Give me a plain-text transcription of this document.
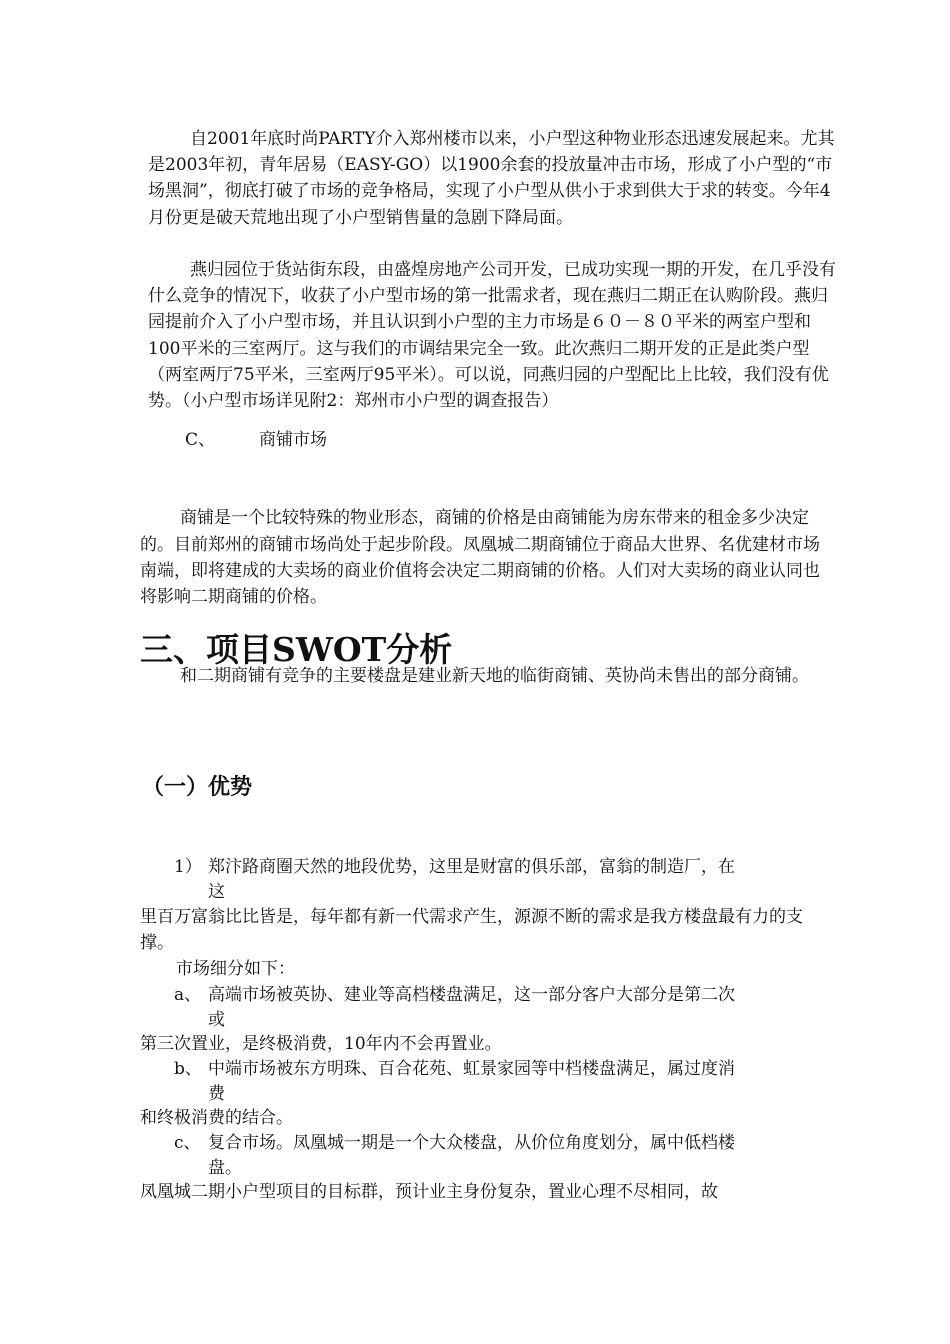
自2001年底时尚PARTY介入郑州楼市以来，小户型这种物业形态迅速发展起来。尤其是2003年初，青年居易（EASY-GO）以1900余套的投放量冲击市场，形成了小户型的“市场黑洞”，彻底打破了市场的竞争格局，实现了小户型从供小于求到供大于求的转变。今年4月份更是破天荒地出现了小户型销售量的急剧下降局面。
燕归园位于货站街东段，由盛煌房地产公司开发，已成功实现一期的开发，在几乎没有什么竞争的情况下，收获了小户型市场的第一批需求者，现在燕归二期正在认购阶段。燕归园提前介入了小户型市场，并且认识到小户型的主力市场是６０－８０平米的两室户型和100平米的三室两厅。这与我们的市调结果完全一致。此次燕归二期开发的正是此类户型（两室两厅75平米，三室两厅95平米）。可以说，同燕归园的户型配比上比较，我们没有优势。（小户型市场详见附2：郑州市小户型的调查报告）
C、	商铺市场

商铺是一个比较特殊的物业形态，商铺的价格是由商铺能为房东带来的租金多少决定的。目前郑州的商铺市场尚处于起步阶段。凤凰城二期商铺位于商品大世界、名优建材市场南端，即将建成的大卖场的商业价值将会决定二期商铺的价格。人们对大卖场的商业认同也将影响二期商铺的价格。

和二期商铺有竞争的主要楼盘是建业新天地的临街商铺、英协尚未售出的部分商铺。

三、项目SWOT分析
（一）优势
1） 郑汴路商圈天然的地段优势，这里是财富的俱乐部，富翁的制造厂，在
这
里百万富翁比比皆是，每年都有新一代需求产生，源源不断的需求是我方楼盘最有力的支撑。
市场细分如下：
a、 高端市场被英协、建业等高档楼盘满足，这一部分客户大部分是第二次
或
第三次置业，是终极消费，10年内不会再置业。
b、 中端市场被东方明珠、百合花苑、虹景家园等中档楼盘满足，属过度消
费
和终极消费的结合。
c、 复合市场。凤凰城一期是一个大众楼盘，从价位角度划分，属中低档楼
盘。
凤凰城二期小户型项目的目标群，预计业主身份复杂，置业心理不尽相同，故
